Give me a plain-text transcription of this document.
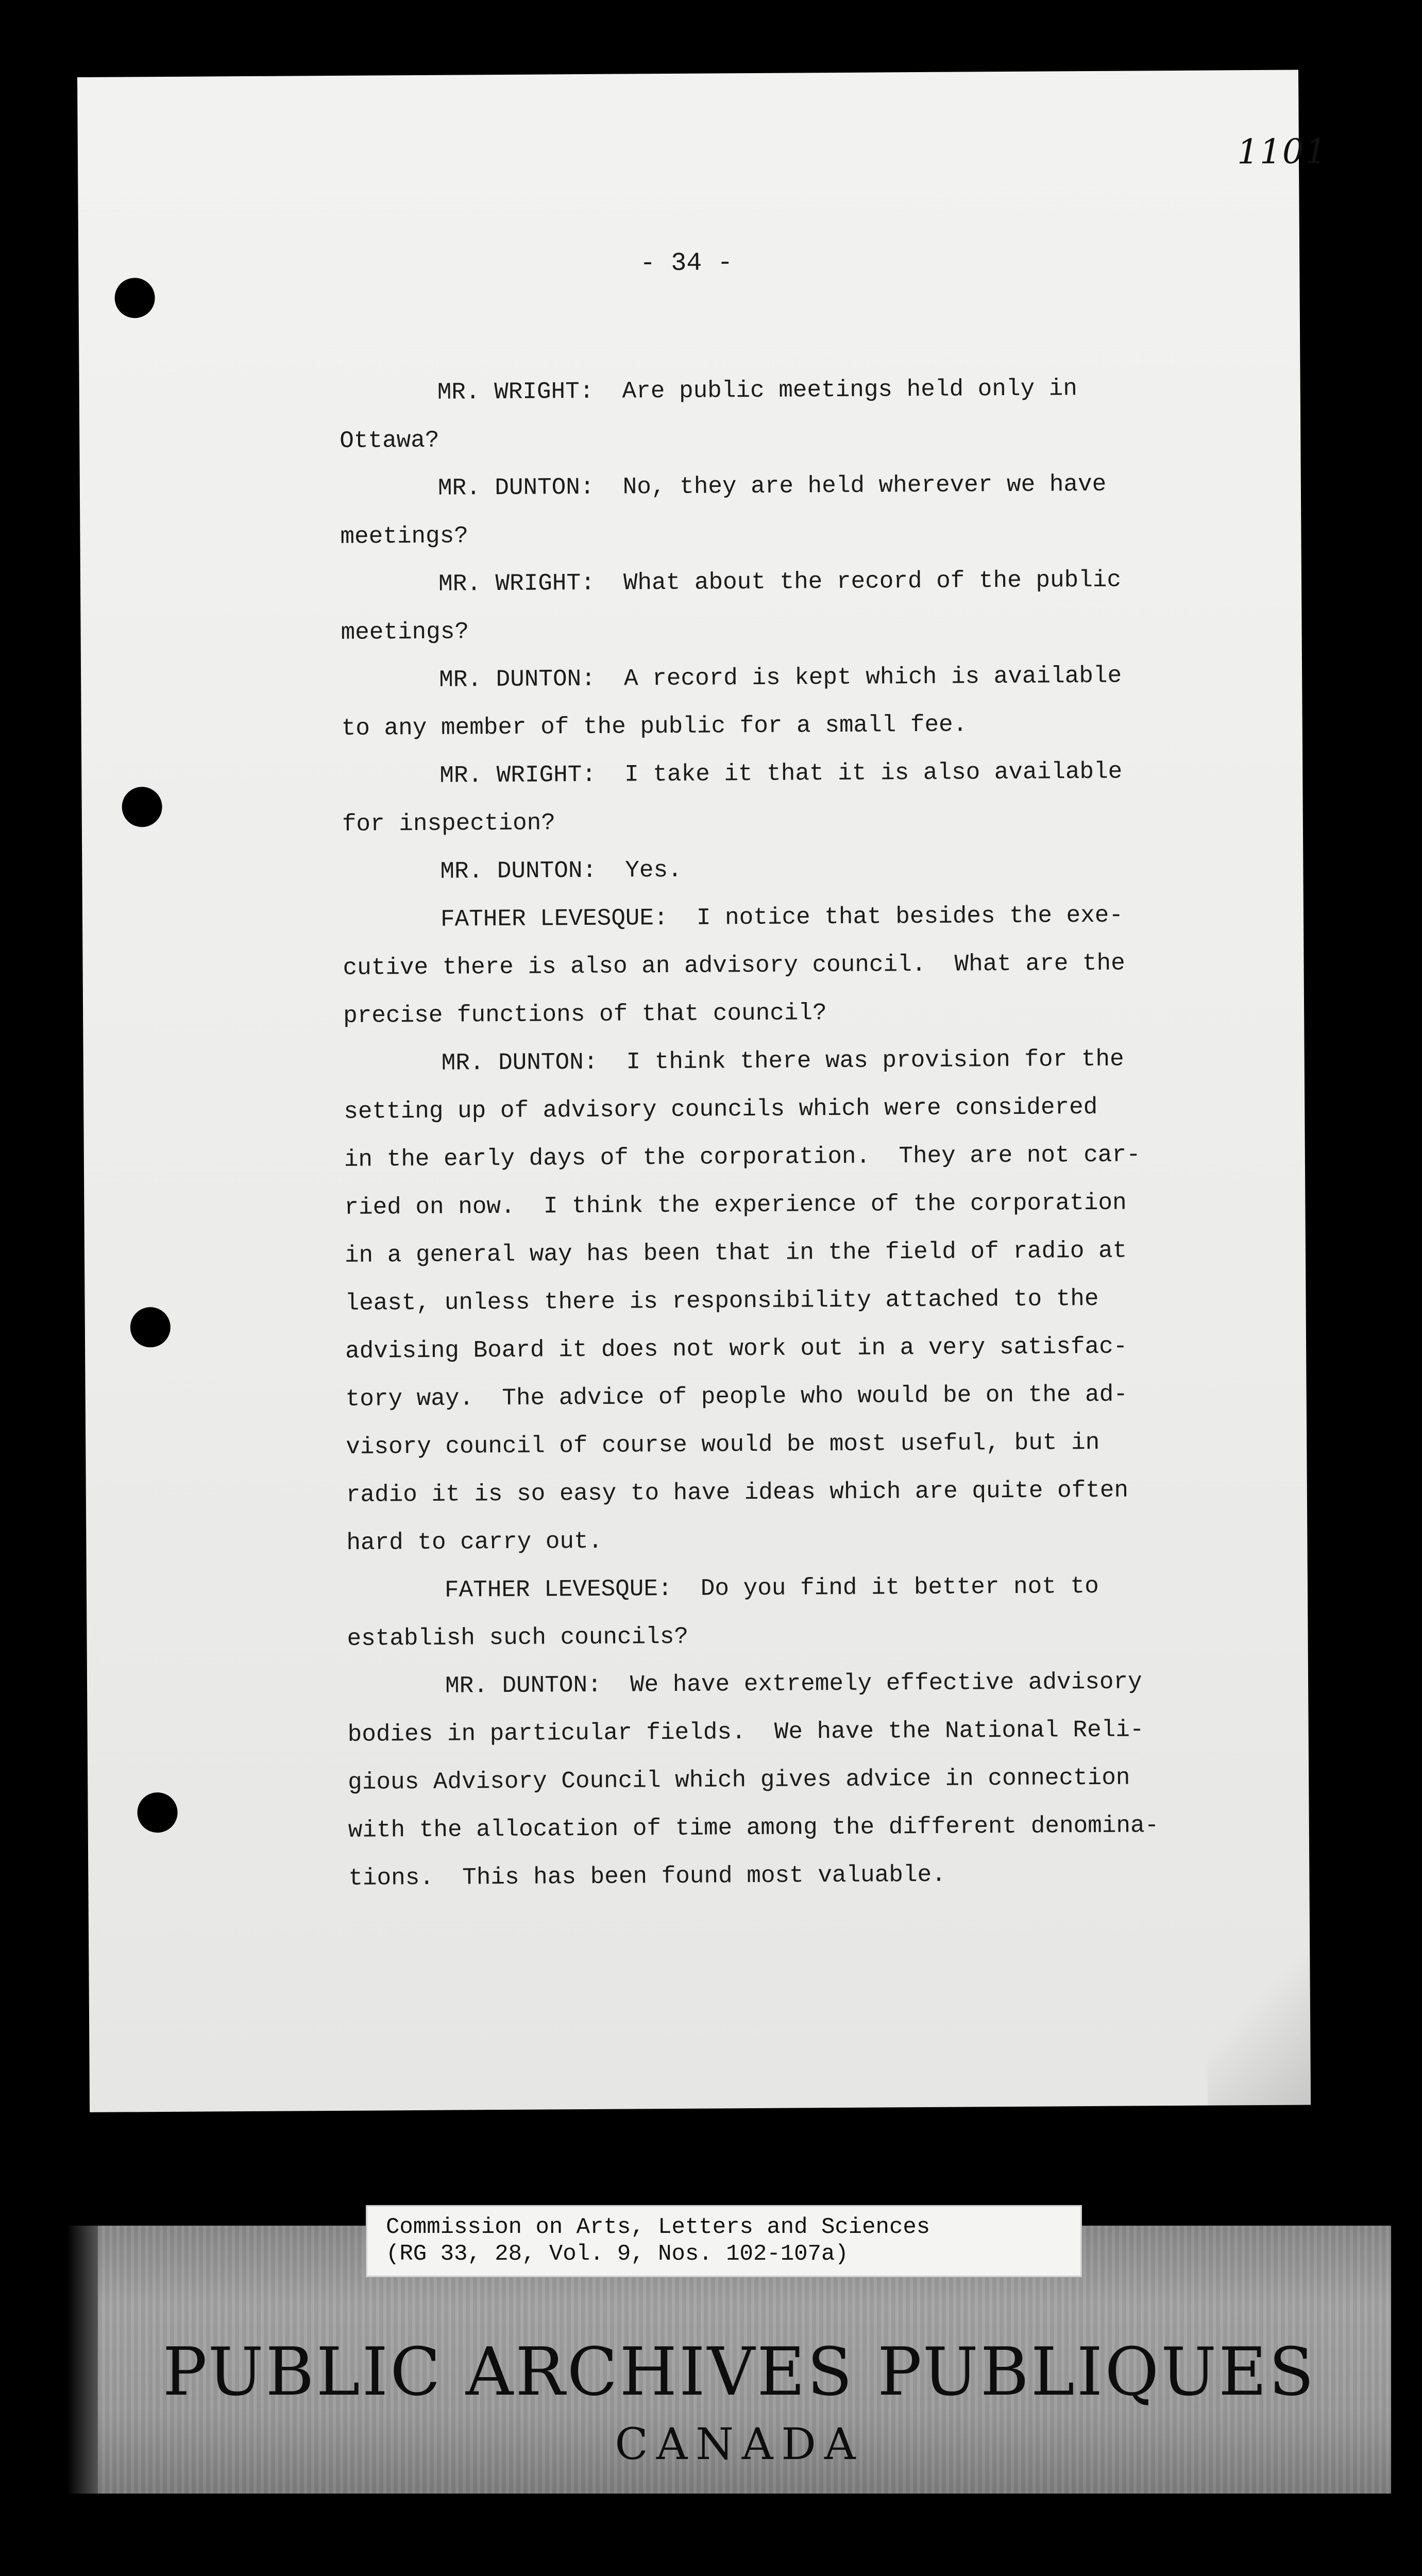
1101
- 34 -

MR. WRIGHT:  Are public meetings held only in
Ottawa?

MR. DUNTON:  No, they are held wherever we have
meetings?

MR. WRIGHT:  What about the record of the public
meetings?

MR. DUNTON:  A record is kept which is available
to any member of the public for a small fee.

MR. WRIGHT:  I take it that it is also available
for inspection?

MR. DUNTON:  Yes.

FATHER LEVESQUE:  I notice that besides the exe-
cutive there is also an advisory council.  What are the
precise functions of that council?

MR. DUNTON:  I think there was provision for the
setting up of advisory councils which were considered
in the early days of the corporation.  They are not car-
ried on now.  I think the experience of the corporation
in a general way has been that in the field of radio at
least, unless there is responsibility attached to the
advising Board it does not work out in a very satisfac-
tory way.  The advice of people who would be on the ad-
visory council of course would be most useful, but in
radio it is so easy to have ideas which are quite often
hard to carry out.

FATHER LEVESQUE:  Do you find it better not to
establish such councils?

MR. DUNTON:  We have extremely effective advisory
bodies in particular fields.  We have the National Reli-
gious Advisory Council which gives advice in connection
with the allocation of time among the different denomina-
tions.  This has been found most valuable.

Commission on Arts, Letters and Sciences
(RG 33, 28, Vol. 9, Nos. 102-107a)
PUBLIC ARCHIVES PUBLIQUES
CANADA
